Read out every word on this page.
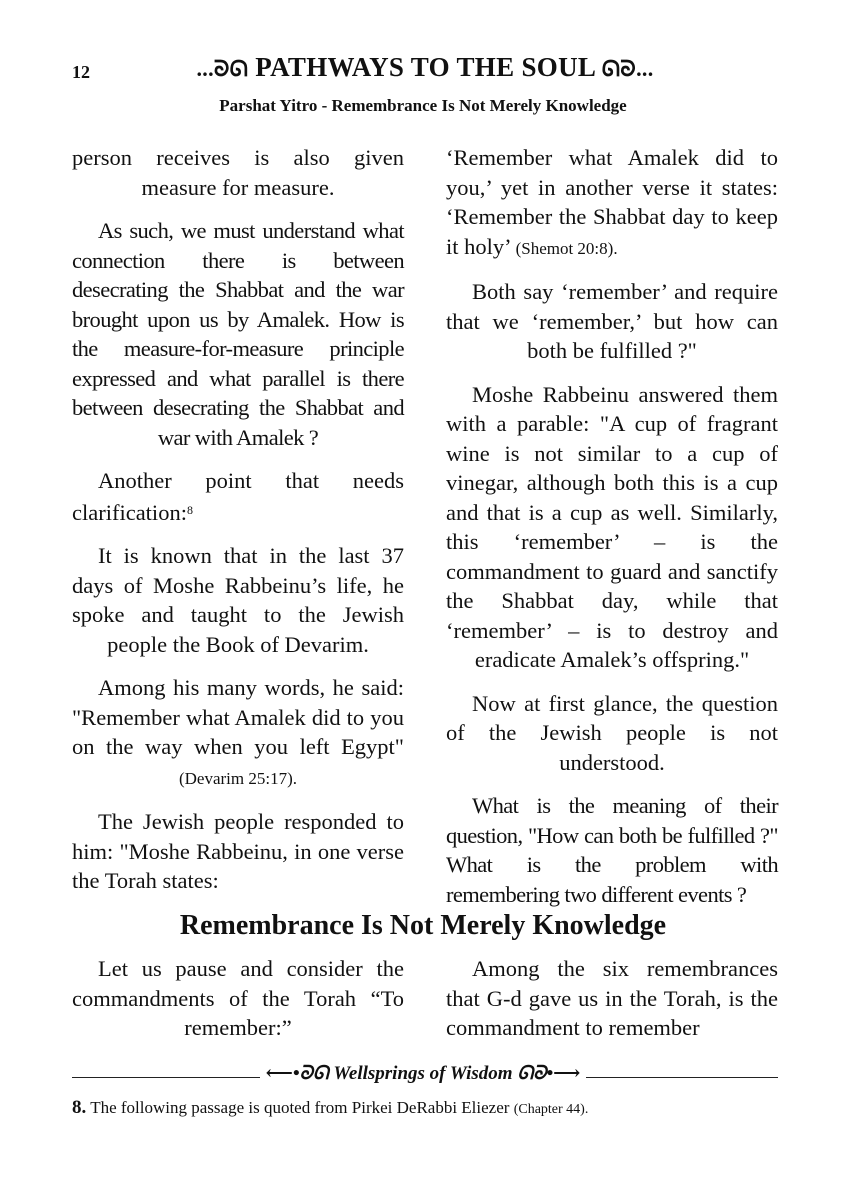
12	...ᘐᘏ PATHWAYS TO THE SOUL ᘏᘐ...
Parshat Yitro - Remembrance Is Not Merely Knowledge

person receives is also given measure for measure.

As such, we must understand what connection there is between desecrating the Shabbat and the war brought upon us by Amalek. How is the measure-for-measure principle expressed and what parallel is there between desecrating the Shabbat and war with Amalek ?

Another point that needs clarification:$^8$

It is known that in the last 37 days of Moshe Rabbeinu’s life, he spoke and taught to the Jewish people the Book of Devarim.

Among his many words, he said: "Remember what Amalek did to you on the way when you left Egypt" (Devarim 25:17).

The Jewish people responded to him: "Moshe Rabbeinu, in one verse the Torah states:

‘Remember what Amalek did to you,’ yet in another verse it states: ‘Remember the Shabbat day to keep it holy’ (Shemot 20:8).

Both say ‘remember’ and require that we ‘remember,’ but how can both be fulfilled ?"

Moshe Rabbeinu answered them with a parable: "A cup of fragrant wine is not similar to a cup of vinegar, although both this is a cup and that is a cup as well. Similarly, this ‘remember’ – is the commandment to guard and sanctify the Shabbat day, while that ‘remember’ – is to destroy and eradicate Amalek’s offspring."

Now at first glance, the question of the Jewish people is not understood.

What is the meaning of their question, "How can both be fulfilled ?" What is the problem with remembering two different events ?

Remembrance Is Not Merely Knowledge

Let us pause and consider the commandments of the Torah “To remember:”

Among the six remembrances that G-d gave us in the Torah, is the commandment to remember

⟵•ᘐᘏ Wellsprings of Wisdom ᘏᘐ•⟶
8. The following passage is quoted from Pirkei DeRabbi Eliezer (Chapter 44).
